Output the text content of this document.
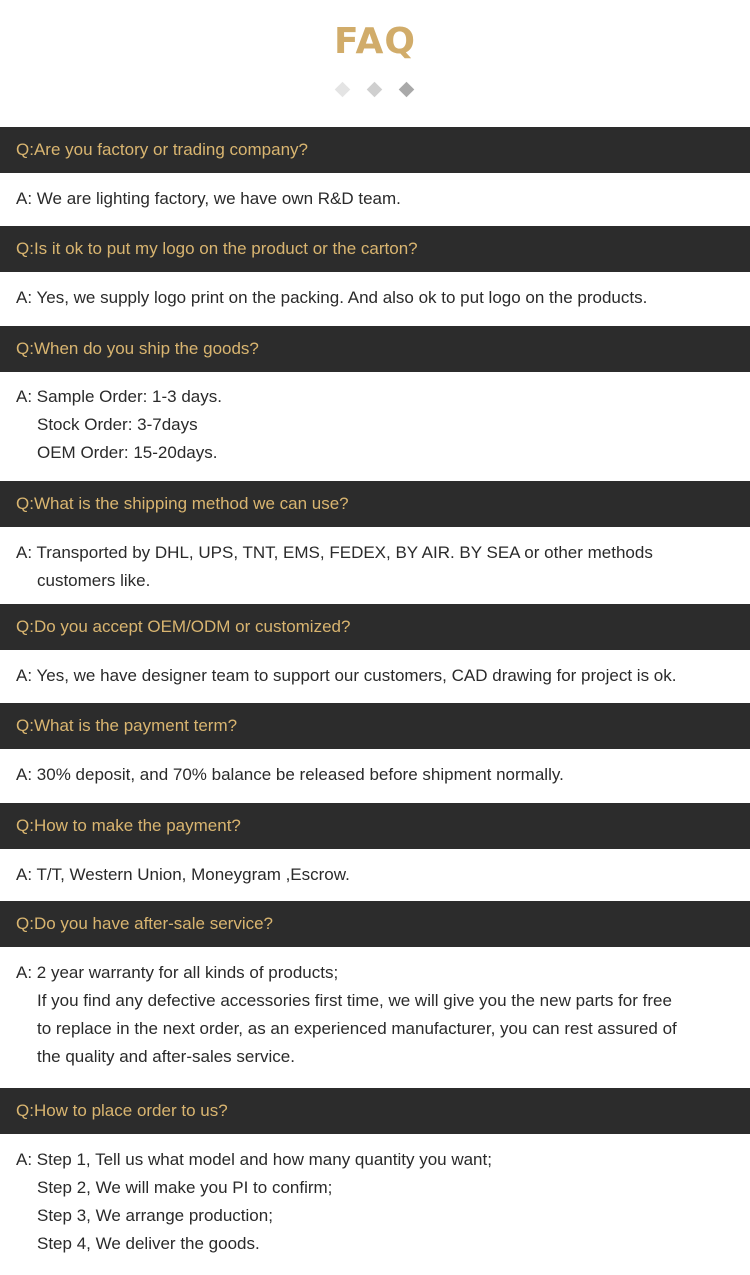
FAQ
Q:Are you factory or trading company?
A: We are lighting factory, we have own R&D team.
Q:Is it ok to put my logo on the product or the carton?
A: Yes, we supply logo print on the packing. And also ok to put logo on the products.
Q:When do you ship the goods?
A: Sample Order: 1-3 days.
Stock Order: 3-7days
OEM Order: 15-20days.
Q:What is the shipping method we can use?
A: Transported by DHL, UPS, TNT, EMS, FEDEX, BY AIR. BY SEA or other methods
customers like.
Q:Do you accept OEM/ODM or customized?
A: Yes, we have designer team to support our customers, CAD drawing for project is ok.
Q:What is the payment term?
A: 30% deposit, and 70% balance be released before shipment normally.
Q:How to make the payment?
A: T/T, Western Union, Moneygram ,Escrow.
Q:Do you have after-sale service?
A: 2 year warranty for all kinds of products;
If you find any defective accessories first time, we will give you the new parts for free
to replace in the next order, as an experienced manufacturer, you can rest assured of
the quality and after-sales service.
Q:How to place order to us?
A: Step 1, Tell us what model and how many quantity you want;
Step 2, We will make you PI to confirm;
Step 3, We arrange production;
Step 4, We deliver the goods.
